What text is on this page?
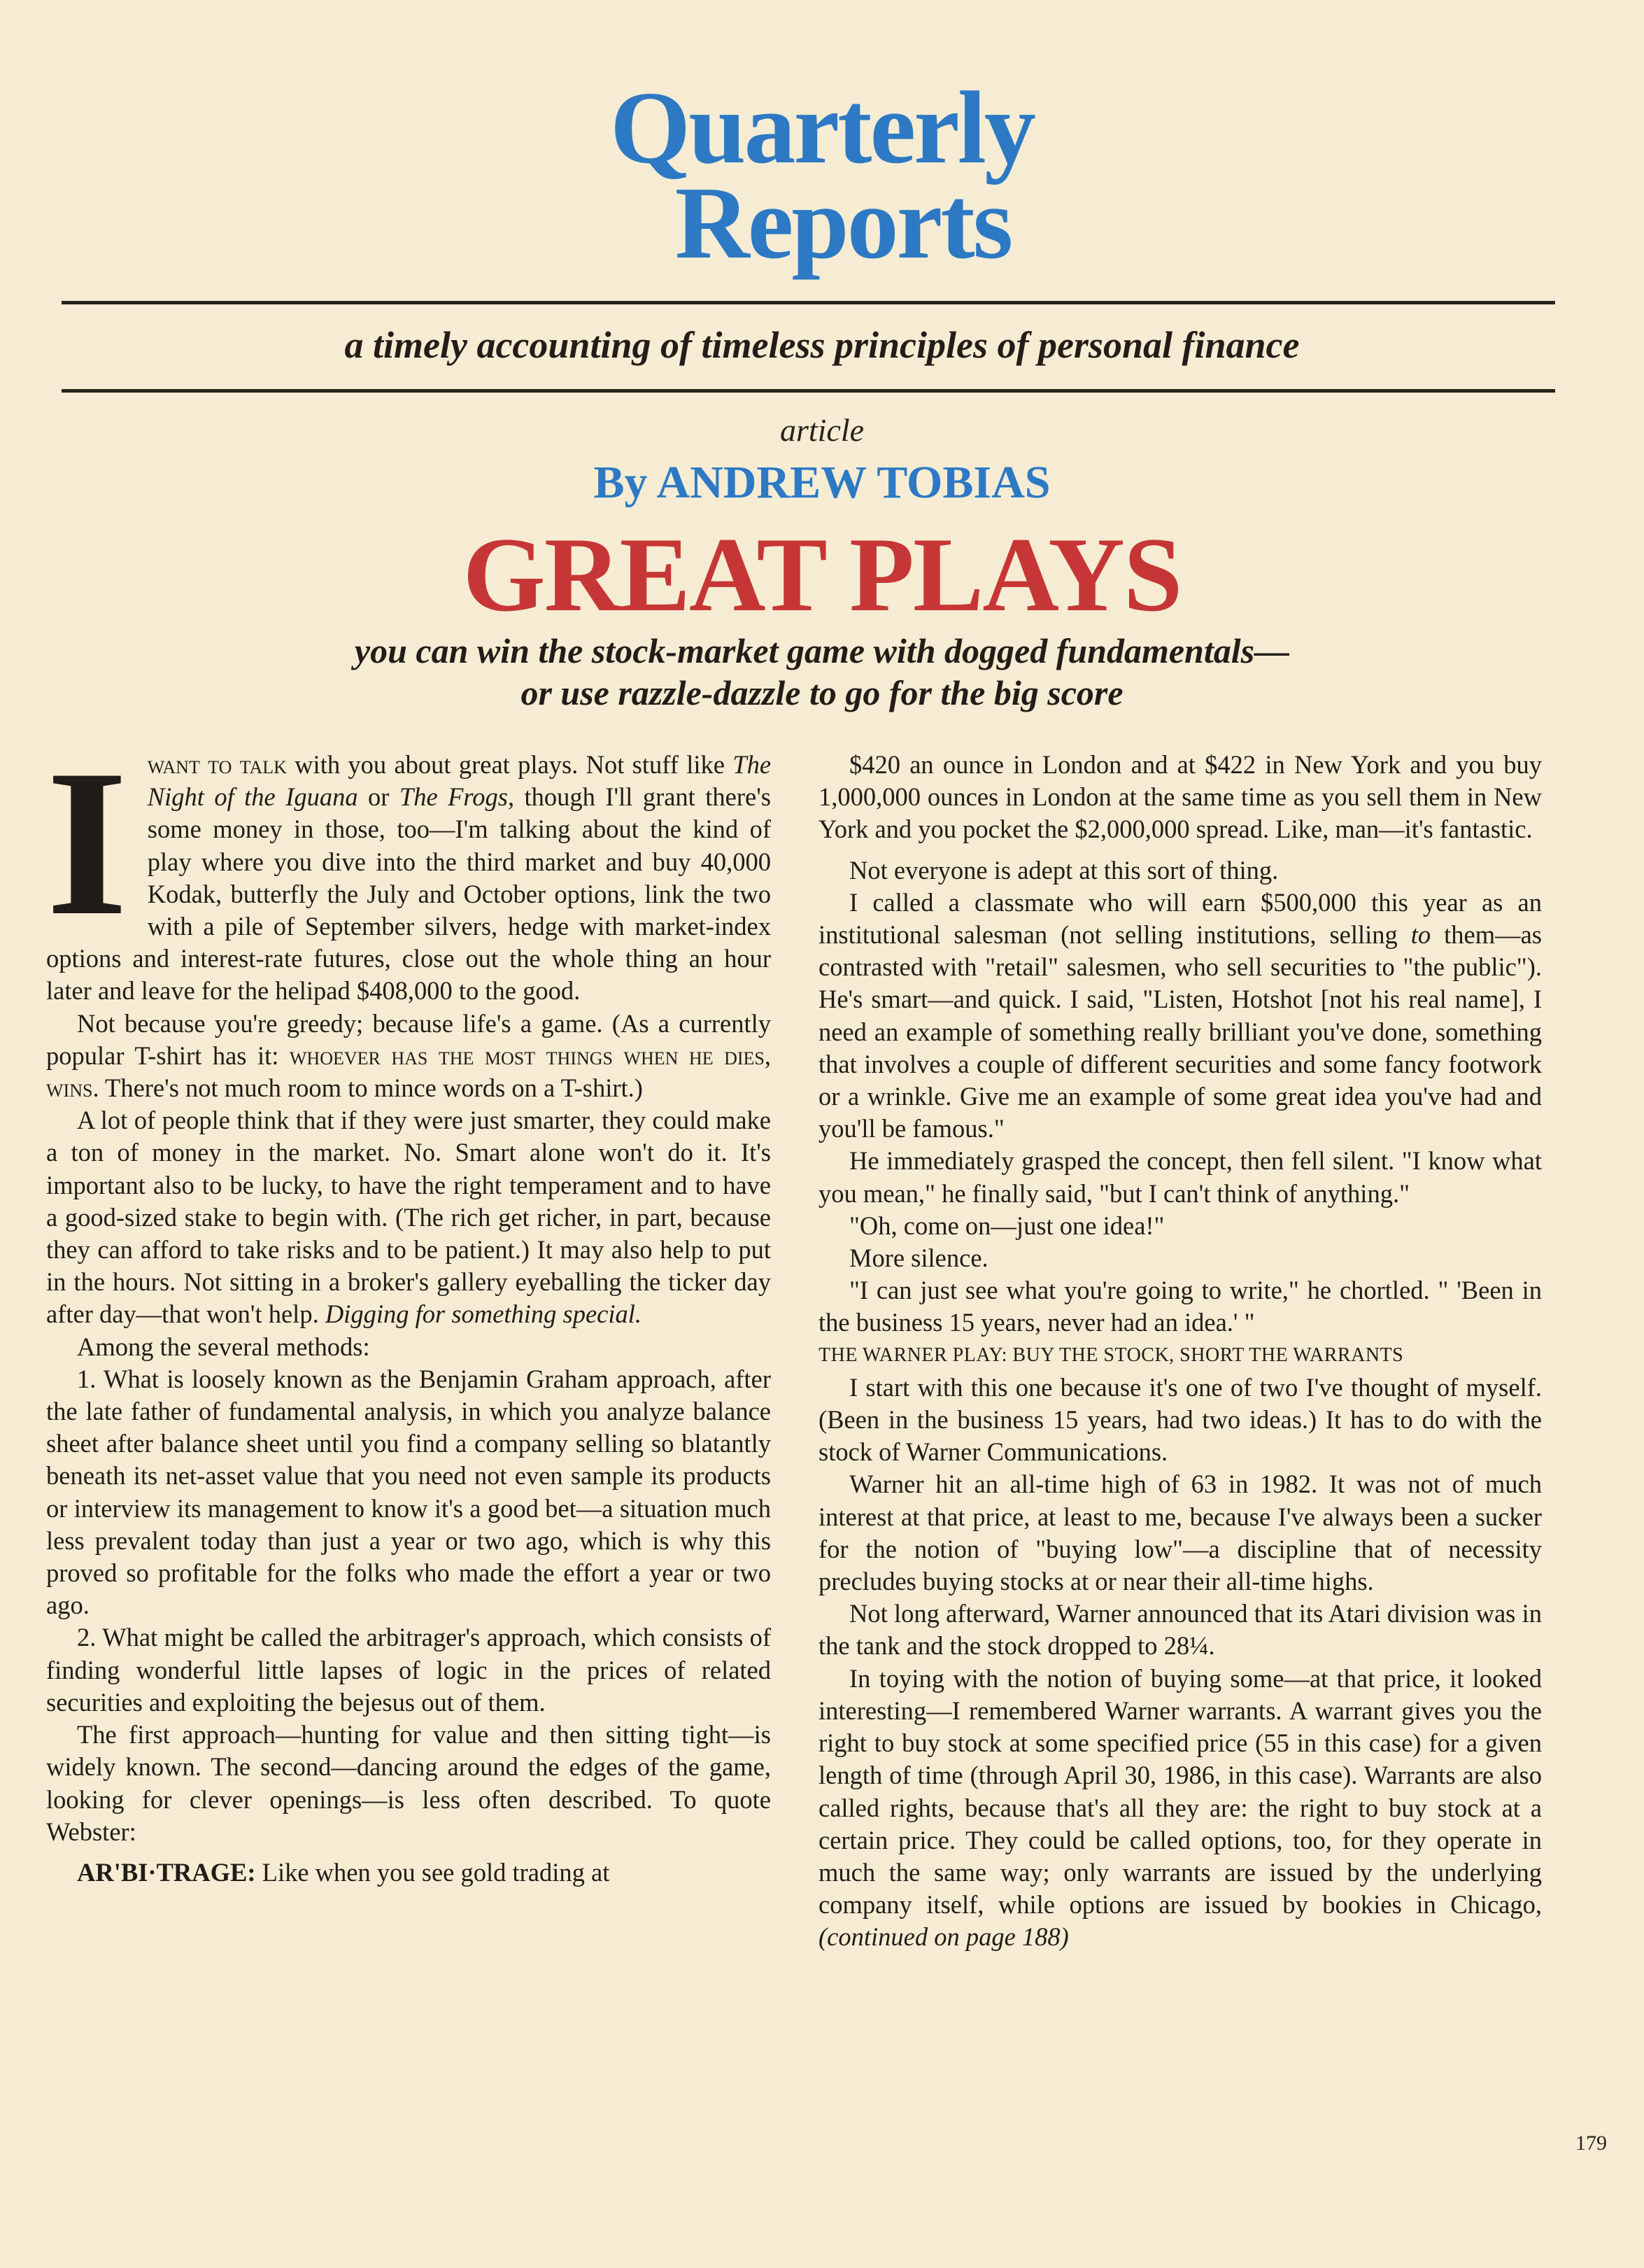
Quarterly
Reports
a timely accounting of timeless principles of personal finance
article
By ANDREW TOBIAS
GREAT PLAYS
you can win the stock-market game with dogged fundamentals—
or use razzle-dazzle to go for the big score

Iwant to talk with you about great plays. Not stuff like The Night of the Iguana or The Frogs, though I'll grant there's some money in those, too—I'm talking about the kind of play where you dive into the third market and buy 40,000 Kodak, butterfly the July and October options, link the two with a pile of September silvers, hedge with market-index options and interest-rate futures, close out the whole thing an hour later and leave for the helipad $408,000 to the good.

Not because you're greedy; because life's a game. (As a currently popular T-shirt has it: whoever has the most things when he dies, wins. There's not much room to mince words on a T-shirt.)

A lot of people think that if they were just smarter, they could make a ton of money in the market. No. Smart alone won't do it. It's important also to be lucky, to have the right temperament and to have a good-sized stake to begin with. (The rich get richer, in part, because they can afford to take risks and to be patient.) It may also help to put in the hours. Not sitting in a broker's gallery eyeballing the ticker day after day—that won't help. Digging for something special.

Among the several methods:

1. What is loosely known as the Benjamin Graham approach, after the late father of fundamental analysis, in which you analyze balance sheet after balance sheet until you find a company selling so blatantly beneath its net-asset value that you need not even sample its products or interview its management to know it's a good bet—a situation much less prevalent today than just a year or two ago, which is why this proved so profitable for the folks who made the effort a year or two ago.

2. What might be called the arbitrager's approach, which consists of finding wonderful little lapses of logic in the prices of related securities and exploiting the bejesus out of them.

The first approach—hunting for value and then sitting tight—is widely known. The second—dancing around the edges of the game, looking for clever openings—is less often described. To quote Webster:

AR'BI·TRAGE: Like when you see gold trading at

$420 an ounce in London and at $422 in New York and you buy 1,000,000 ounces in London at the same time as you sell them in New York and you pocket the $2,000,000 spread. Like, man—it's fantastic.

Not everyone is adept at this sort of thing.

I called a classmate who will earn $500,000 this year as an institutional salesman (not selling institutions, selling to them—as contrasted with "retail" salesmen, who sell securities to "the public"). He's smart—and quick. I said, "Listen, Hotshot [not his real name], I need an example of something really brilliant you've done, something that involves a couple of different securities and some fancy footwork or a wrinkle. Give me an example of some great idea you've had and you'll be famous."

He immediately grasped the concept, then fell silent. "I know what you mean," he finally said, "but I can't think of anything."

"Oh, come on—just one idea!"

More silence.

"I can just see what you're going to write," he chortled. " 'Been in the business 15 years, never had an idea.' "

THE WARNER PLAY: BUY THE STOCK, SHORT THE WARRANTS

I start with this one because it's one of two I've thought of myself. (Been in the business 15 years, had two ideas.) It has to do with the stock of Warner Communications.

Warner hit an all-time high of 63 in 1982. It was not of much interest at that price, at least to me, because I've always been a sucker for the notion of "buying low"—a discipline that of necessity precludes buying stocks at or near their all-time highs.

Not long afterward, Warner announced that its Atari division was in the tank and the stock dropped to 28¼.

In toying with the notion of buying some—at that price, it looked interesting—I remembered Warner warrants. A warrant gives you the right to buy stock at some specified price (55 in this case) for a given length of time (through April 30, 1986, in this case). Warrants are also called rights, because that's all they are: the right to buy stock at a certain price. They could be called options, too, for they operate in much the same way; only warrants are issued by the underlying company itself, while options are issued by bookies in Chicago, (continued on page 188)

179
